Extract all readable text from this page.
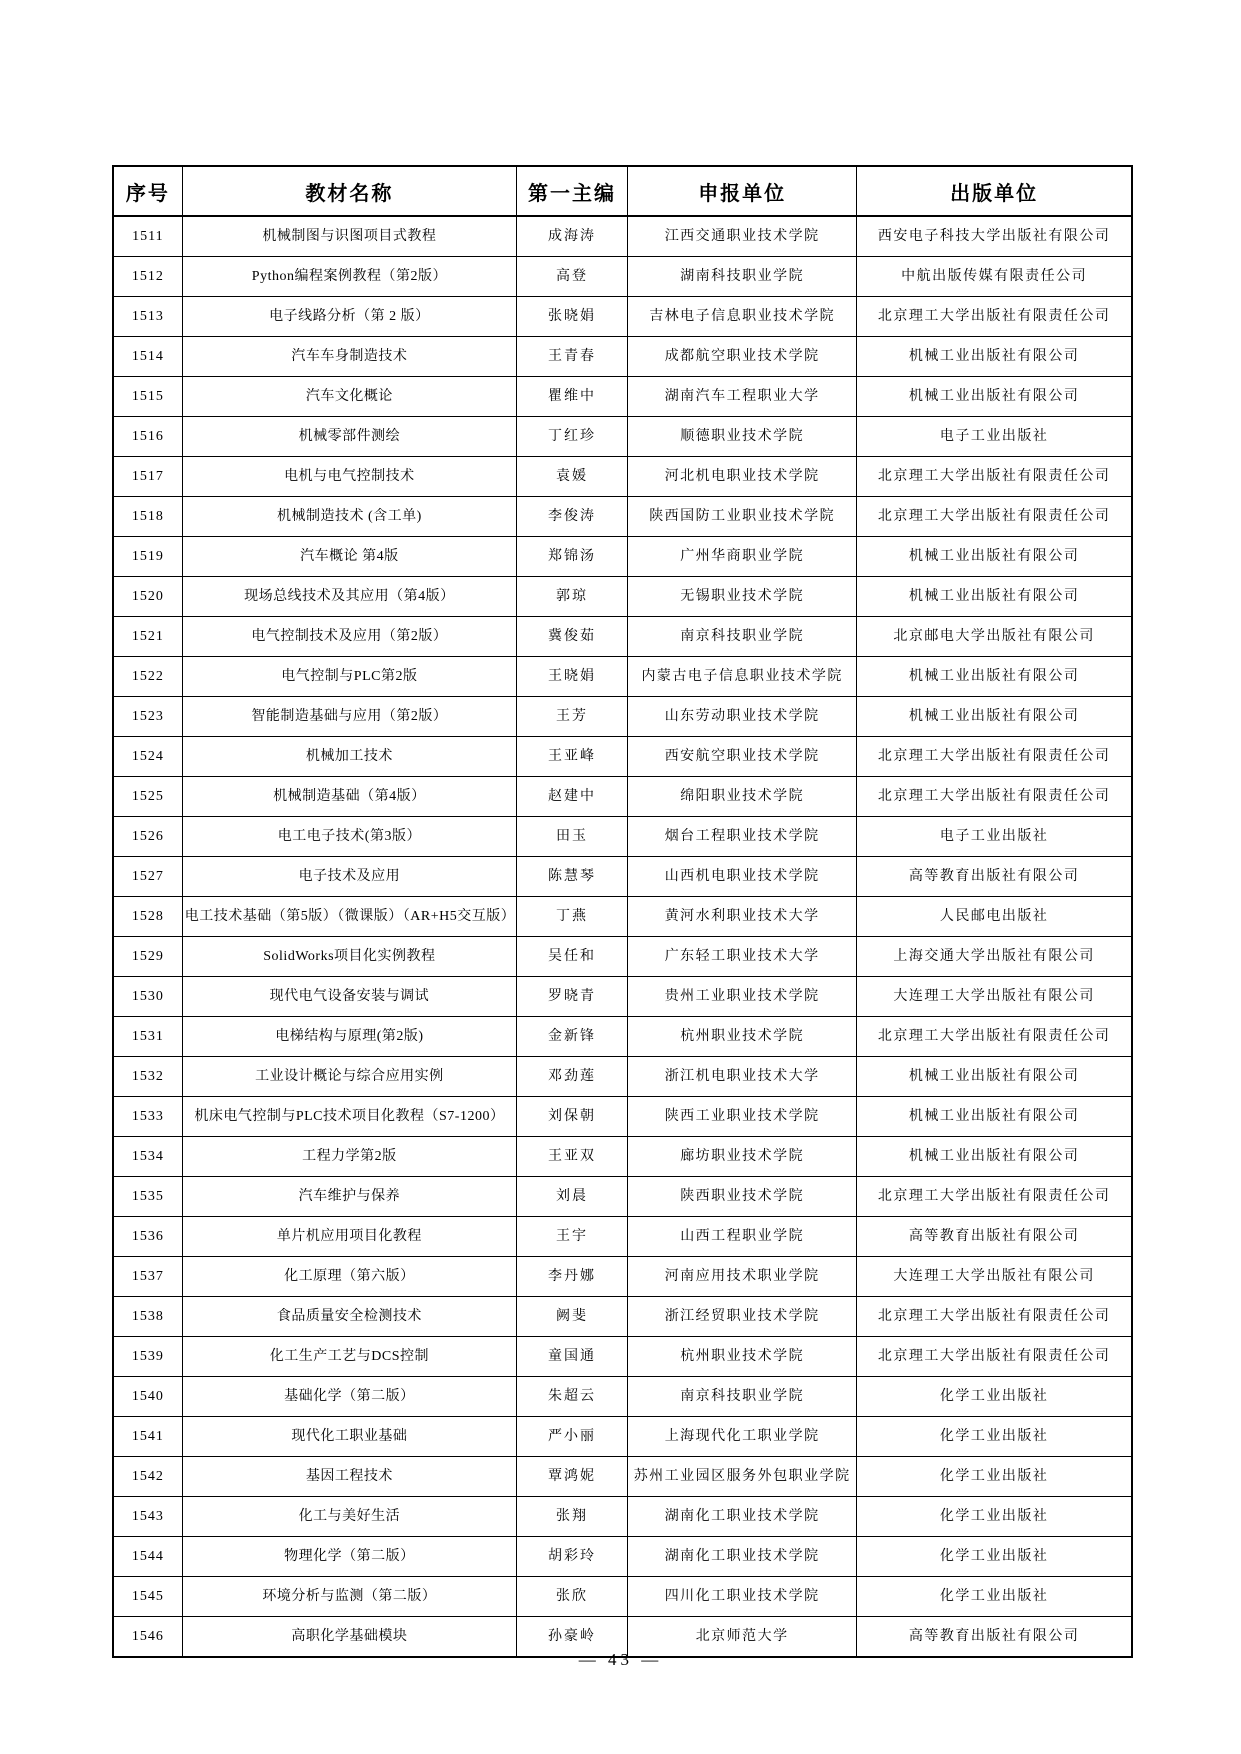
序号	教材名称	第一主编	申报单位	出版单位
1511	机械制图与识图项目式教程	成海涛	江西交通职业技术学院	西安电子科技大学出版社有限公司
1512	Python编程案例教程（第2版）	高登	湖南科技职业学院	中航出版传媒有限责任公司
1513	电子线路分析（第 2 版）	张晓娟	吉林电子信息职业技术学院	北京理工大学出版社有限责任公司
1514	汽车车身制造技术	王青春	成都航空职业技术学院	机械工业出版社有限公司
1515	汽车文化概论	瞿维中	湖南汽车工程职业大学	机械工业出版社有限公司
1516	机械零部件测绘	丁红珍	顺德职业技术学院	电子工业出版社
1517	电机与电气控制技术	袁媛	河北机电职业技术学院	北京理工大学出版社有限责任公司
1518	机械制造技术 (含工单)	李俊涛	陕西国防工业职业技术学院	北京理工大学出版社有限责任公司
1519	汽车概论 第4版	郑锦汤	广州华商职业学院	机械工业出版社有限公司
1520	现场总线技术及其应用（第4版）	郭琼	无锡职业技术学院	机械工业出版社有限公司
1521	电气控制技术及应用（第2版）	冀俊茹	南京科技职业学院	北京邮电大学出版社有限公司
1522	电气控制与PLC第2版	王晓娟	内蒙古电子信息职业技术学院	机械工业出版社有限公司
1523	智能制造基础与应用（第2版）	王芳	山东劳动职业技术学院	机械工业出版社有限公司
1524	机械加工技术	王亚峰	西安航空职业技术学院	北京理工大学出版社有限责任公司
1525	机械制造基础（第4版）	赵建中	绵阳职业技术学院	北京理工大学出版社有限责任公司
1526	电工电子技术(第3版）	田玉	烟台工程职业技术学院	电子工业出版社
1527	电子技术及应用	陈慧琴	山西机电职业技术学院	高等教育出版社有限公司
1528	电工技术基础（第5版）（微课版）（AR+H5交互版）	丁燕	黄河水利职业技术大学	人民邮电出版社
1529	SolidWorks项目化实例教程	吴任和	广东轻工职业技术大学	上海交通大学出版社有限公司
1530	现代电气设备安装与调试	罗晓青	贵州工业职业技术学院	大连理工大学出版社有限公司
1531	电梯结构与原理(第2版)	金新锋	杭州职业技术学院	北京理工大学出版社有限责任公司
1532	工业设计概论与综合应用实例	邓劲莲	浙江机电职业技术大学	机械工业出版社有限公司
1533	机床电气控制与PLC技术项目化教程（S7-1200）	刘保朝	陕西工业职业技术学院	机械工业出版社有限公司
1534	工程力学第2版	王亚双	廊坊职业技术学院	机械工业出版社有限公司
1535	汽车维护与保养	刘晨	陕西职业技术学院	北京理工大学出版社有限责任公司
1536	单片机应用项目化教程	王宇	山西工程职业学院	高等教育出版社有限公司
1537	化工原理（第六版）	李丹娜	河南应用技术职业学院	大连理工大学出版社有限公司
1538	食品质量安全检测技术	阙斐	浙江经贸职业技术学院	北京理工大学出版社有限责任公司
1539	化工生产工艺与DCS控制	童国通	杭州职业技术学院	北京理工大学出版社有限责任公司
1540	基础化学（第二版）	朱超云	南京科技职业学院	化学工业出版社
1541	现代化工职业基础	严小丽	上海现代化工职业学院	化学工业出版社
1542	基因工程技术	覃鸿妮	苏州工业园区服务外包职业学院	化学工业出版社
1543	化工与美好生活	张翔	湖南化工职业技术学院	化学工业出版社
1544	物理化学（第二版）	胡彩玲	湖南化工职业技术学院	化学工业出版社
1545	环境分析与监测（第二版）	张欣	四川化工职业技术学院	化学工业出版社
1546	高职化学基础模块	孙豪岭	北京师范大学	高等教育出版社有限公司
— 43 —
